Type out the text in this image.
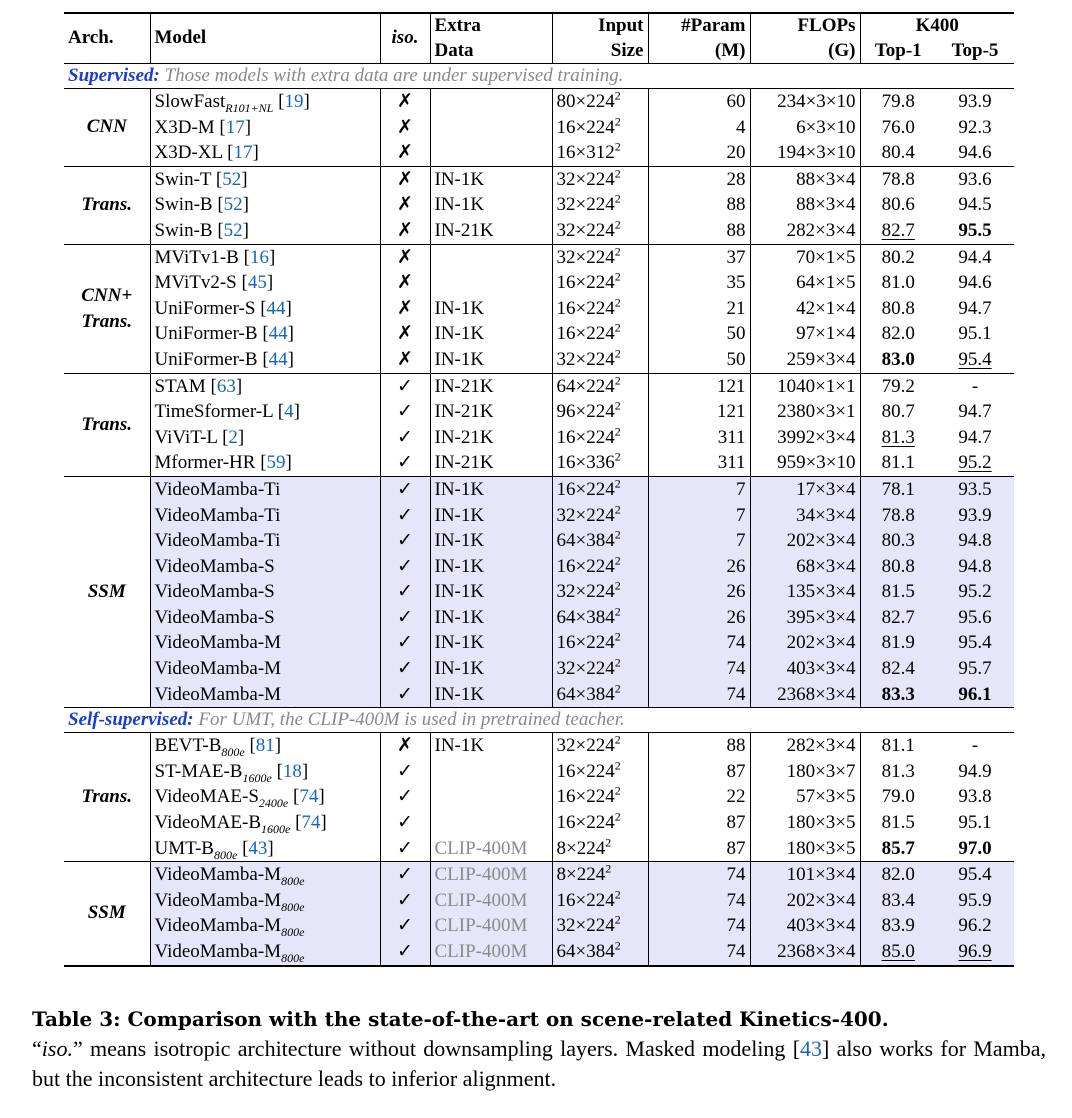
Arch.	Model	iso.	Extra	Input	#Param	FLOPs	K400	
			Data	Size	(M)	(G)	Top-1	Top-5
Supervised: Those models with extra data are under supervised training.								
CNN	SlowFast$_{R101+NL}$ [19]	✗		$80\times 224^2$	60	234×3×10	79.8	93.9
	X3D-M [17]	✗		$16\times 224^2$	4	6×3×10	76.0	92.3
	X3D-XL [17]	✗		$16\times 312^2$	20	194×3×10	80.4	94.6
Trans.	Swin-T [52]	✗	IN-1K	$32\times 224^2$	28	88×3×4	78.8	93.6
	Swin-B [52]	✗	IN-1K	$32\times 224^2$	88	88×3×4	80.6	94.5
	Swin-B [52]	✗	IN-21K	$32\times 224^2$	88	282×3×4	82.7	95.5
CNN+
Trans.	MViTv1-B [16]	✗		$32\times 224^2$	37	70×1×5	80.2	94.4
	MViTv2-S [45]	✗		$16\times 224^2$	35	64×1×5	81.0	94.6
	UniFormer-S [44]	✗	IN-1K	$16\times 224^2$	21	42×1×4	80.8	94.7
	UniFormer-B [44]	✗	IN-1K	$16\times 224^2$	50	97×1×4	82.0	95.1
	UniFormer-B [44]	✗	IN-1K	$32\times 224^2$	50	259×3×4	83.0	95.4
Trans.	STAM [63]	✓	IN-21K	$64\times 224^2$	121	1040×1×1	79.2	-
	TimeSformer-L [4]	✓	IN-21K	$96\times 224^2$	121	2380×3×1	80.7	94.7
	ViViT-L [2]	✓	IN-21K	$16\times 224^2$	311	3992×3×4	81.3	94.7
	Mformer-HR [59]	✓	IN-21K	$16\times 336^2$	311	959×3×10	81.1	95.2
SSM	VideoMamba-Ti	✓	IN-1K	$16\times 224^2$	7	17×3×4	78.1	93.5
	VideoMamba-Ti	✓	IN-1K	$32\times 224^2$	7	34×3×4	78.8	93.9
	VideoMamba-Ti	✓	IN-1K	$64\times 384^2$	7	202×3×4	80.3	94.8
	VideoMamba-S	✓	IN-1K	$16\times 224^2$	26	68×3×4	80.8	94.8
	VideoMamba-S	✓	IN-1K	$32\times 224^2$	26	135×3×4	81.5	95.2
	VideoMamba-S	✓	IN-1K	$64\times 384^2$	26	395×3×4	82.7	95.6
	VideoMamba-M	✓	IN-1K	$16\times 224^2$	74	202×3×4	81.9	95.4
	VideoMamba-M	✓	IN-1K	$32\times 224^2$	74	403×3×4	82.4	95.7
	VideoMamba-M	✓	IN-1K	$64\times 384^2$	74	2368×3×4	83.3	96.1
Self-supervised: For UMT, the CLIP-400M is used in pretrained teacher.								
Trans.	BEVT-$B_{800e}$ [81]	✗	IN-1K	$32\times 224^2$	88	282×3×4	81.1	-
	$ST-MAE-B_{1600e}$ [18]	✓		$16\times 224^2$	87	180×3×7	81.3	94.9
	VideoMAE-$S_{2400e}$ [74]	✓		$16\times 224^2$	22	57×3×5	79.0	93.8
	VideoMAE-$B_{1600e}$ [74]	✓		$16\times 224^2$	87	180×3×5	81.5	95.1
	UMT-$B_{800e}$ [43]	✓	CLIP-400M	$8\times 224^2$	87	180×3×5	85.7	97.0
SSM	VideoMamba-$M_{800e}$	✓	CLIP-400M	$8\times 224^2$	74	101×3×4	82.0	95.4
	VideoMamba-$M_{800e}$	✓	CLIP-400M	$16\times 224^2$	74	202×3×4	83.4	95.9
	VideoMamba-$M_{800e}$	✓	CLIP-400M	$32\times 224^2$	74	403×3×4	83.9	96.2
	VideoMamba-$M_{800e}$	✓	CLIP-400M	$64\times 384^2$	74	2368×3×4	85.0	96.9
Table 3: Comparison with the state-of-the-art on scene-related Kinetics-400.
“iso.” means isotropic architecture without downsampling layers. Masked modeling [43] also works for Mamba, but the inconsistent architecture leads to inferior alignment.
